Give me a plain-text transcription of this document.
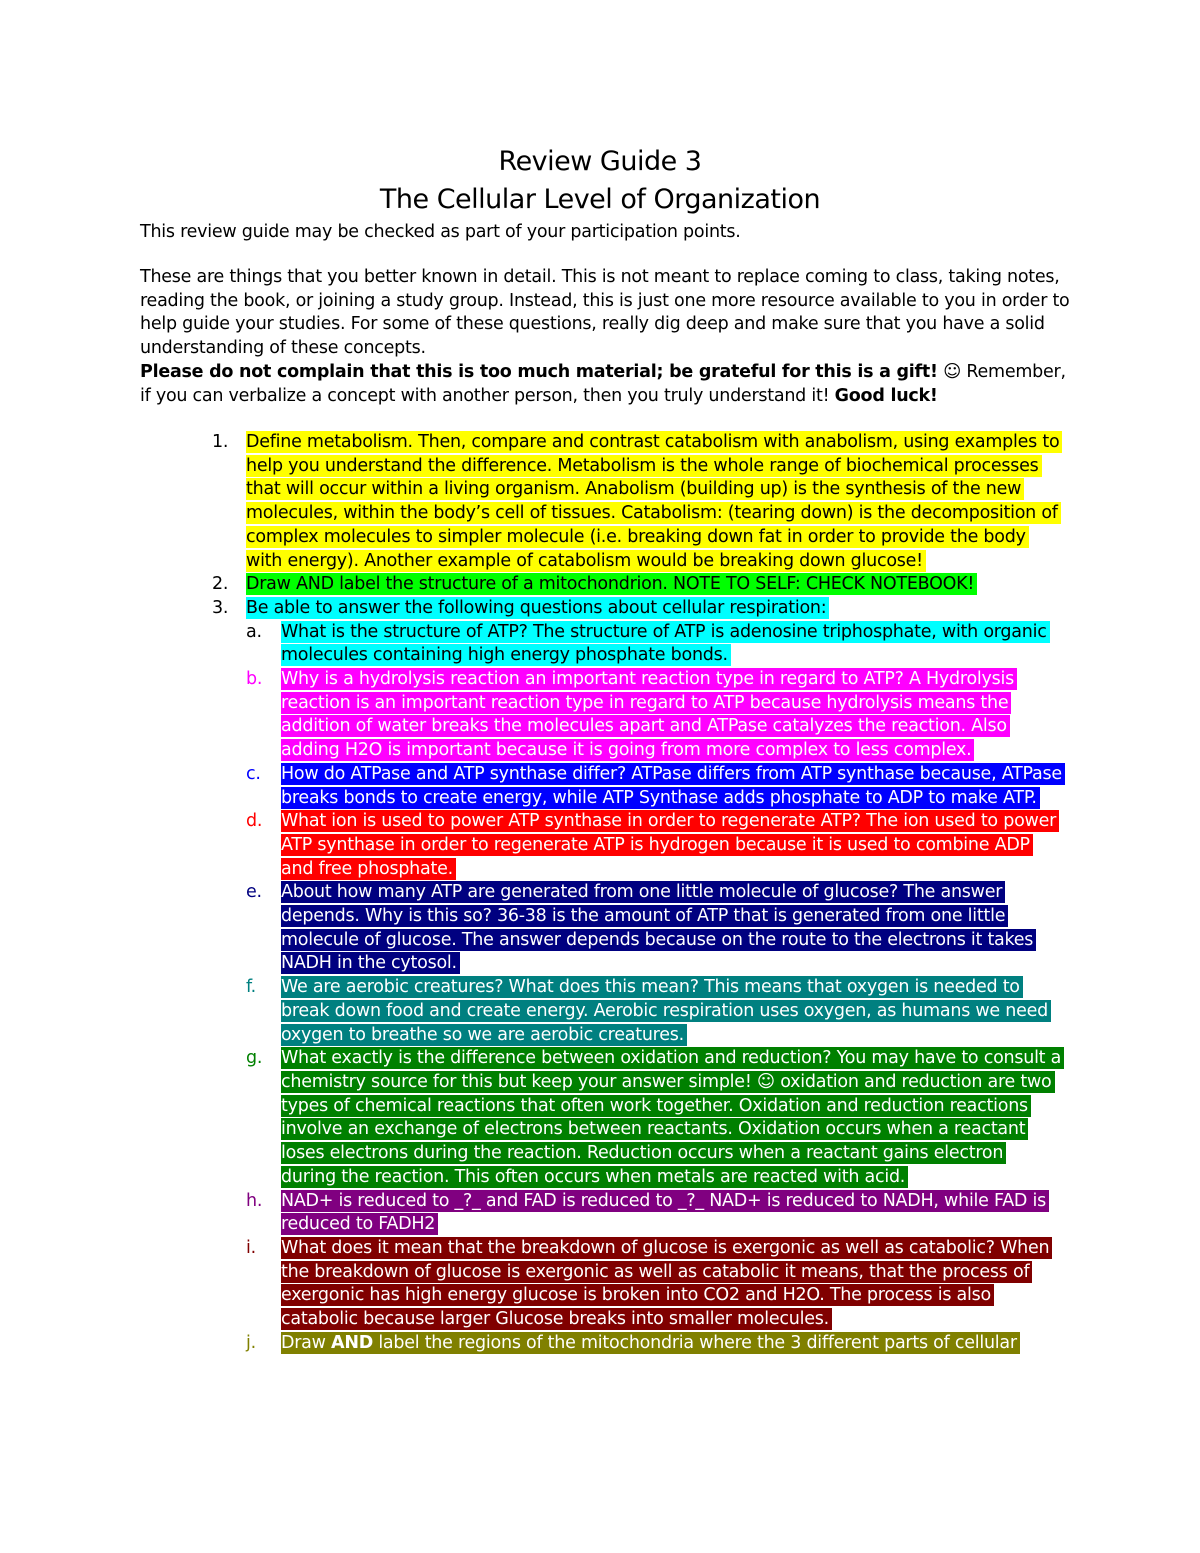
Review Guide 3
The Cellular Level of Organization

This review guide may be checked as part of your participation points.

These are things that you better known in detail. This is not meant to replace coming to class, taking notes, reading the book, or joining a study group. Instead, this is just one more resource available to you in order to help guide your studies. For some of these questions, really dig deep and make sure that you have a solid understanding of these concepts.

Please do not complain that this is too much material; be grateful for this is a gift! ☺ Remember, if you can verbalize a concept with another person, then you truly understand it! Good luck!

1. Define metabolism. Then, compare and contrast catabolism with anabolism, using examples to help you understand the difference. Metabolism is the whole range of biochemical processes that will occur within a living organism. Anabolism (building up) is the synthesis of the new molecules, within the body’s cell of tissues. Catabolism: (tearing down) is the decomposition of complex molecules to simpler molecule (i.e. breaking down fat in order to provide the body with energy). Another example of catabolism would be breaking down glucose!
2. Draw AND label the structure of a mitochondrion. NOTE TO SELF: CHECK NOTEBOOK!
3. Be able to answer the following questions about cellular respiration:
a. What is the structure of ATP? The structure of ATP is adenosine triphosphate, with organic molecules containing high energy phosphate bonds.
b. Why is a hydrolysis reaction an important reaction type in regard to ATP? A Hydrolysis reaction is an important reaction type in regard to ATP because hydrolysis means the addition of water breaks the molecules apart and ATPase catalyzes the reaction. Also adding H2O is important because it is going from more complex to less complex.
c. How do ATPase and ATP synthase differ? ATPase differs from ATP synthase because, ATPase breaks bonds to create energy, while ATP Synthase adds phosphate to ADP to make ATP.
d. What ion is used to power ATP synthase in order to regenerate ATP? The ion used to power ATP synthase in order to regenerate ATP is hydrogen because it is used to combine ADP and free phosphate.
e. About how many ATP are generated from one little molecule of glucose? The answer depends. Why is this so? 36-38 is the amount of ATP that is generated from one little molecule of glucose. The answer depends because on the route to the electrons it takes NADH in the cytosol.
f. We are aerobic creatures? What does this mean? This means that oxygen is needed to break down food and create energy. Aerobic respiration uses oxygen, as humans we need oxygen to breathe so we are aerobic creatures.
g. What exactly is the difference between oxidation and reduction? You may have to consult a chemistry source for this but keep your answer simple! ☺ oxidation and reduction are two types of chemical reactions that often work together. Oxidation and reduction reactions involve an exchange of electrons between reactants. Oxidation occurs when a reactant loses electrons during the reaction. Reduction occurs when a reactant gains electron during the reaction. This often occurs when metals are reacted with acid.
h. NAD+ is reduced to _?_ and FAD is reduced to _?_ NAD+ is reduced to NADH, while FAD is reduced to FADH2
i. What does it mean that the breakdown of glucose is exergonic as well as catabolic? When the breakdown of glucose is exergonic as well as catabolic it means, that the process of exergonic has high energy glucose is broken into CO2 and H2O. The process is also catabolic because larger Glucose breaks into smaller molecules.
j. Draw AND label the regions of the mitochondria where the 3 different parts of cellular
